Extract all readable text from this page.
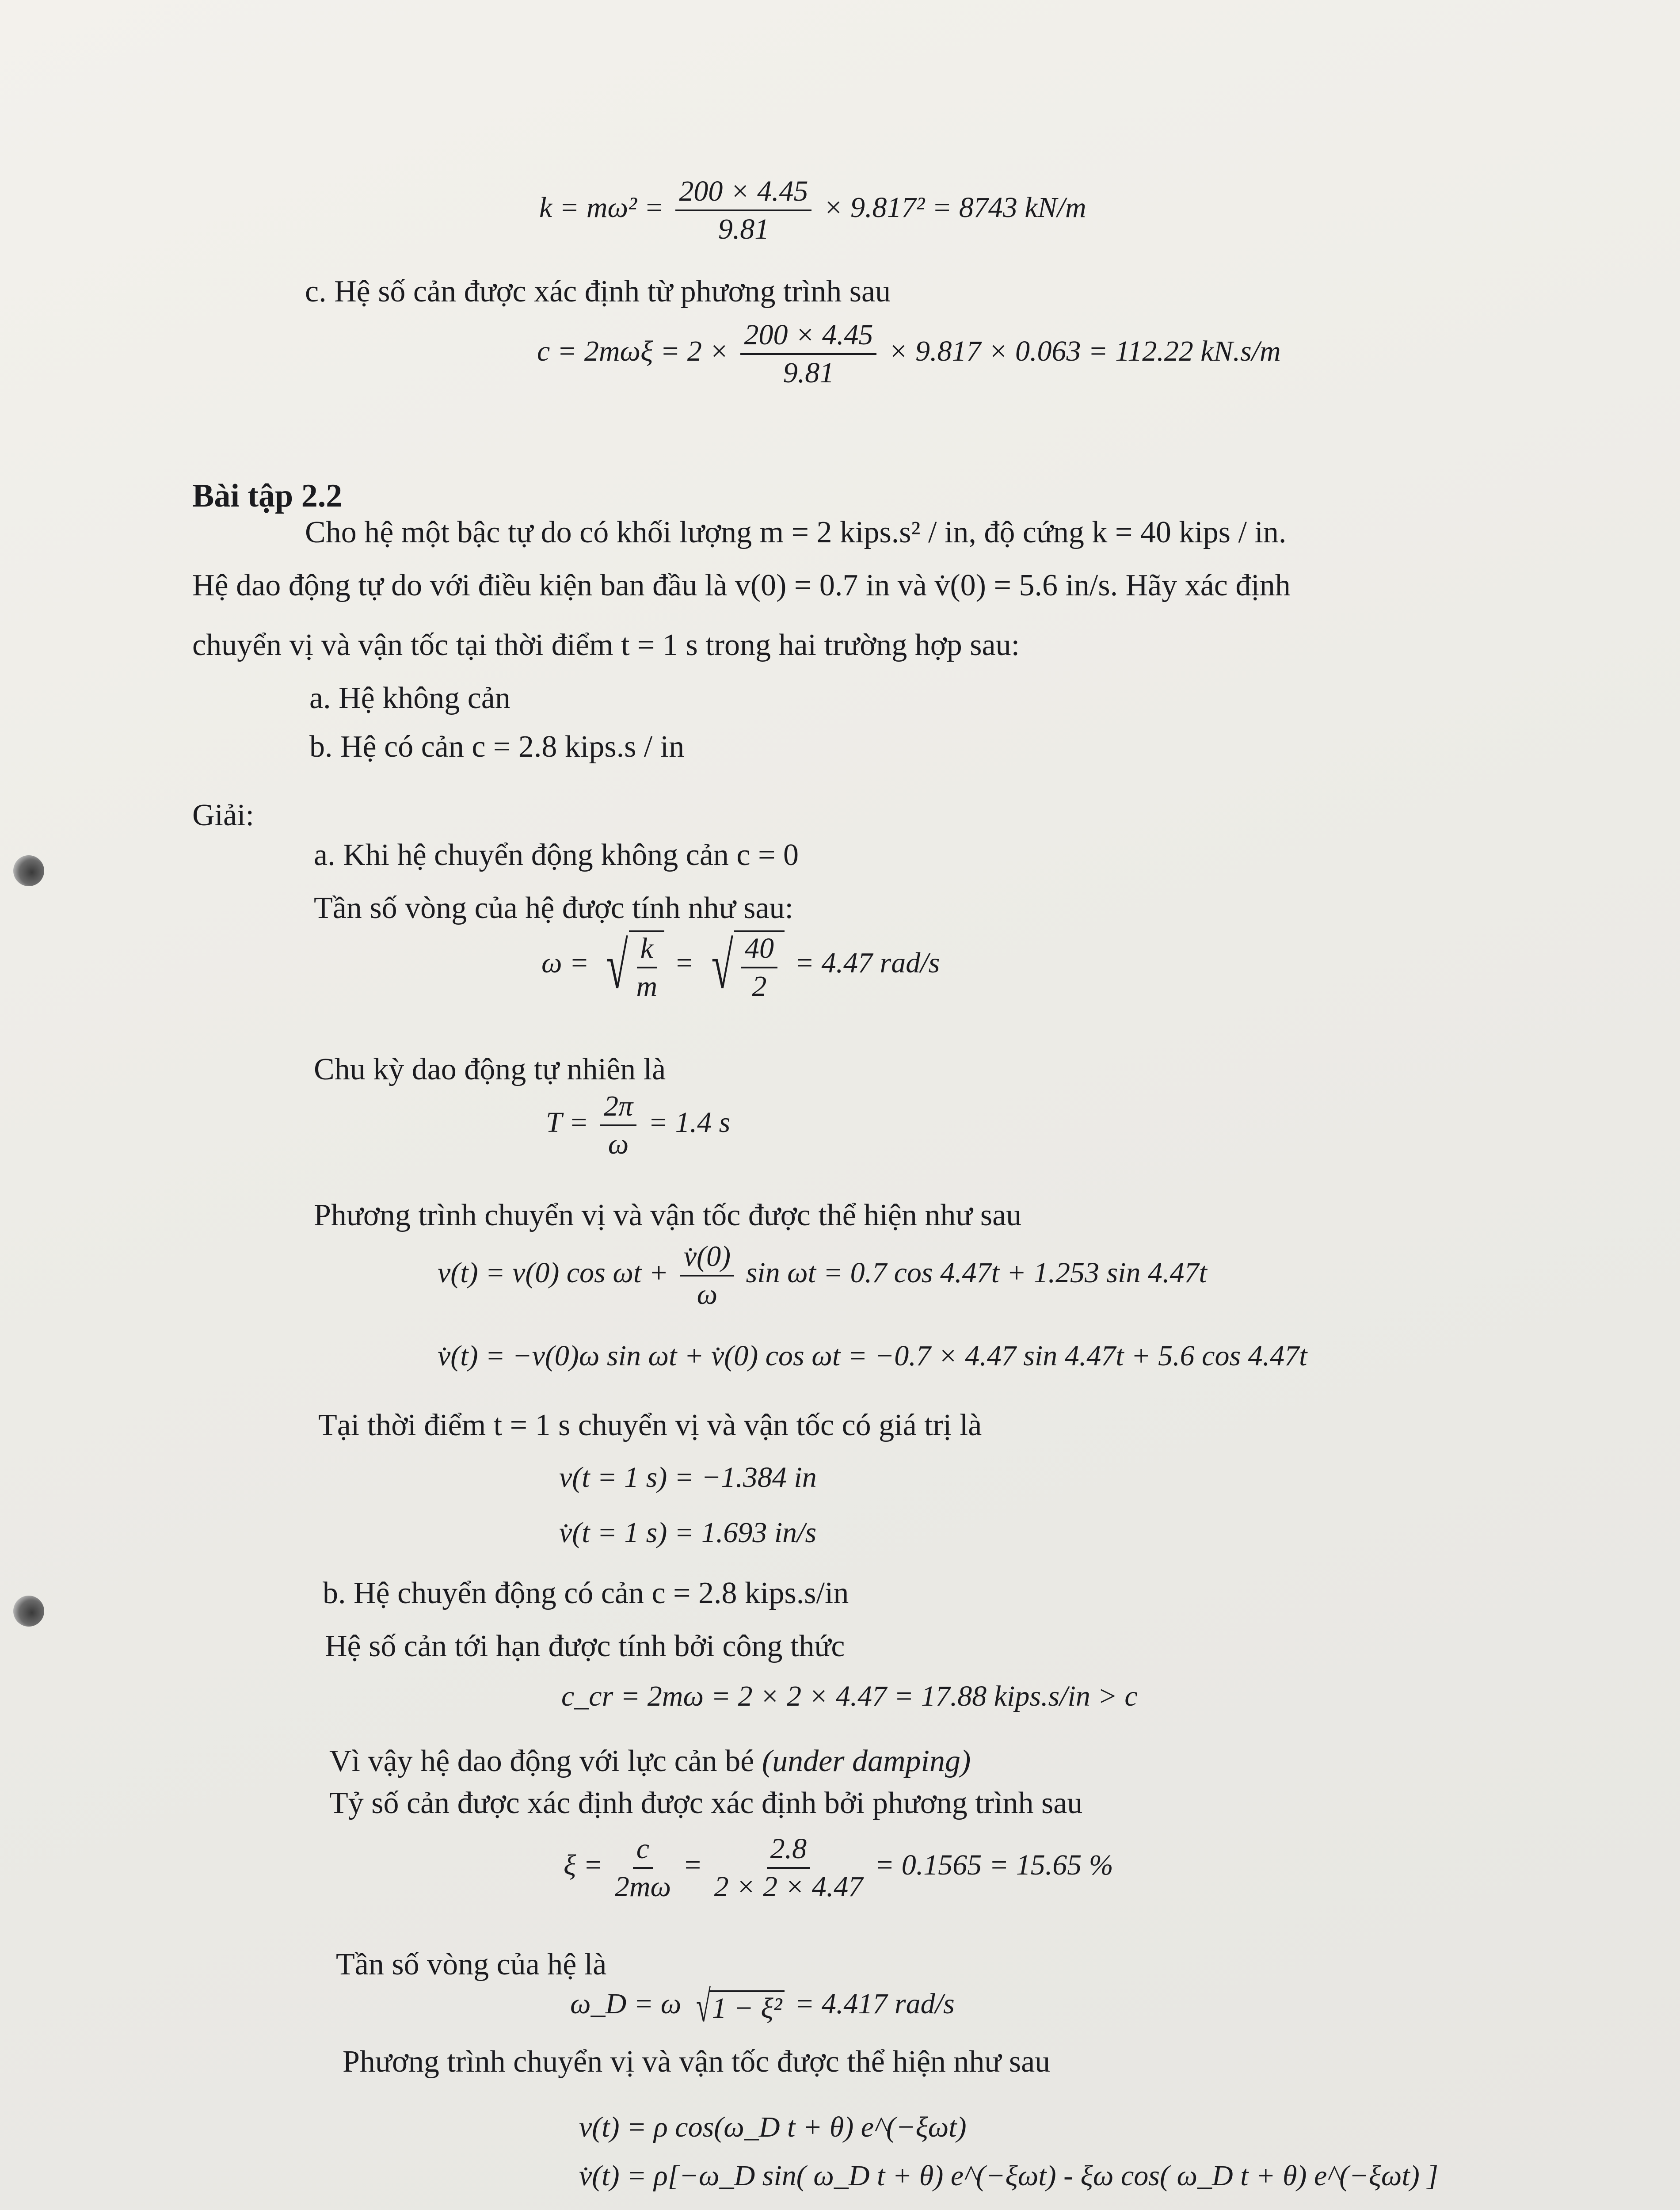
$k = m\omega^2 = \frac{200 \times 4.45}{9.81} \times 9.817^2 = 8743$ kN/m
c. Hệ số cản được xác định từ phương trình sau
$c = 2m\omega\xi = 2 \times \frac{200 \times 4.45}{9.81} \times 9.817 \times 0.063 = 112.22$ kN.s/m
Bài tập 2.2
Cho hệ một bậc tự do có khối lượng m = 2 kips.s² / in, độ cứng k = 40 kips / in.
Hệ dao động tự do với điều kiện ban đầu là v(0) = 0.7 in và v̇(0) = 5.6 in/s. Hãy xác định
chuyển vị và vận tốc tại thời điểm t = 1 s trong hai trường hợp sau:
a. Hệ không cản
b. Hệ có cản c = 2.8 kips.s / in
Giải:
a. Khi hệ chuyển động không cản c = 0
Tần số vòng của hệ được tính như sau:
ω = √ $\frac{k}{m}$ = √ $\frac{40}{2} = 4.47$ rad/s
Chu kỳ dao động tự nhiên là
$T = \frac{2\pi}{\omega} = 1.4$ s
Phương trình chuyển vị và vận tốc được thể hiện như sau
v(t) = v(0) $\cos \omega t + \frac{v̇(0)}{\omega}$ sin ωt = 0.7 cos 4.47t + 1.253 sin 4.47t
v̇(t) = −v(0)ω sin ωt + v̇(0) cos ωt = −0.7 × 4.47 sin 4.47t + 5.6 cos 4.47t
Tại thời điểm t = 1 s chuyển vị và vận tốc có giá trị là
v(t = 1 s) = −1.384 in
v̇(t = 1 s) = 1.693 in/s
b. Hệ chuyển động có cản c = 2.8 kips.s/in
Hệ số cản tới hạn được tính bởi công thức
c_cr = 2mω = 2 × 2 × 4.47 = 17.88 kips.s/in > c
Vì vậy hệ dao động với lực cản bé (under damping)
Tỷ số cản được xác định được xác định bởi phương trình sau
$\xi = \frac{c}{2m\omega} = \frac{2.8}{2 \times 2 \times 4.47} = 0.1565 = 15.65$ %
Tần số vòng của hệ là
ω_D = ω √ 1 − ξ² = 4.417 rad/s
Phương trình chuyển vị và vận tốc được thể hiện như sau
v(t) = ρ cos(ω_D t + θ) e^(−ξωt)
v̇(t) = ρ[−ω_D sin( ω_D t + θ) e^(−ξωt) - ξω cos( ω_D t + θ) e^(−ξωt) ]
